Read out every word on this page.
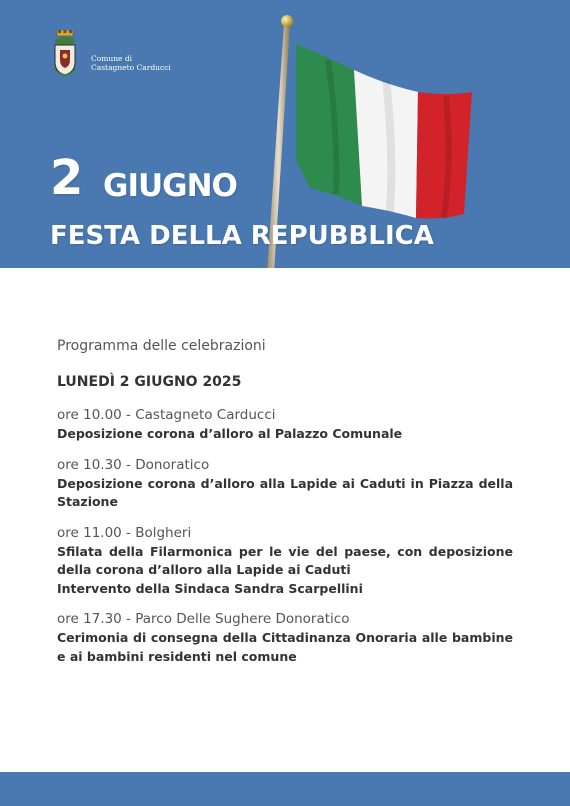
Comune di
Castagneto Carducci
2 GIUGNO
FESTA DELLA REPUBBLICA
Programma delle celebrazioni
LUNEDÌ 2 GIUGNO 2025
ore 10.00 - Castagneto Carducci
Deposizione corona d’alloro al Palazzo Comunale
ore 10.30 - Donoratico
Deposizione corona d’alloro alla Lapide ai Caduti in Piazza della Stazione
ore 11.00 - Bolgheri
Sfilata della Filarmonica per le vie del paese, con deposizione della corona d’alloro alla Lapide ai Caduti
Intervento della Sindaca Sandra Scarpellini
ore 17.30 - Parco Delle Sughere Donoratico
Cerimonia di consegna della Cittadinanza Onoraria alle bambine e ai bambini residenti nel comune
